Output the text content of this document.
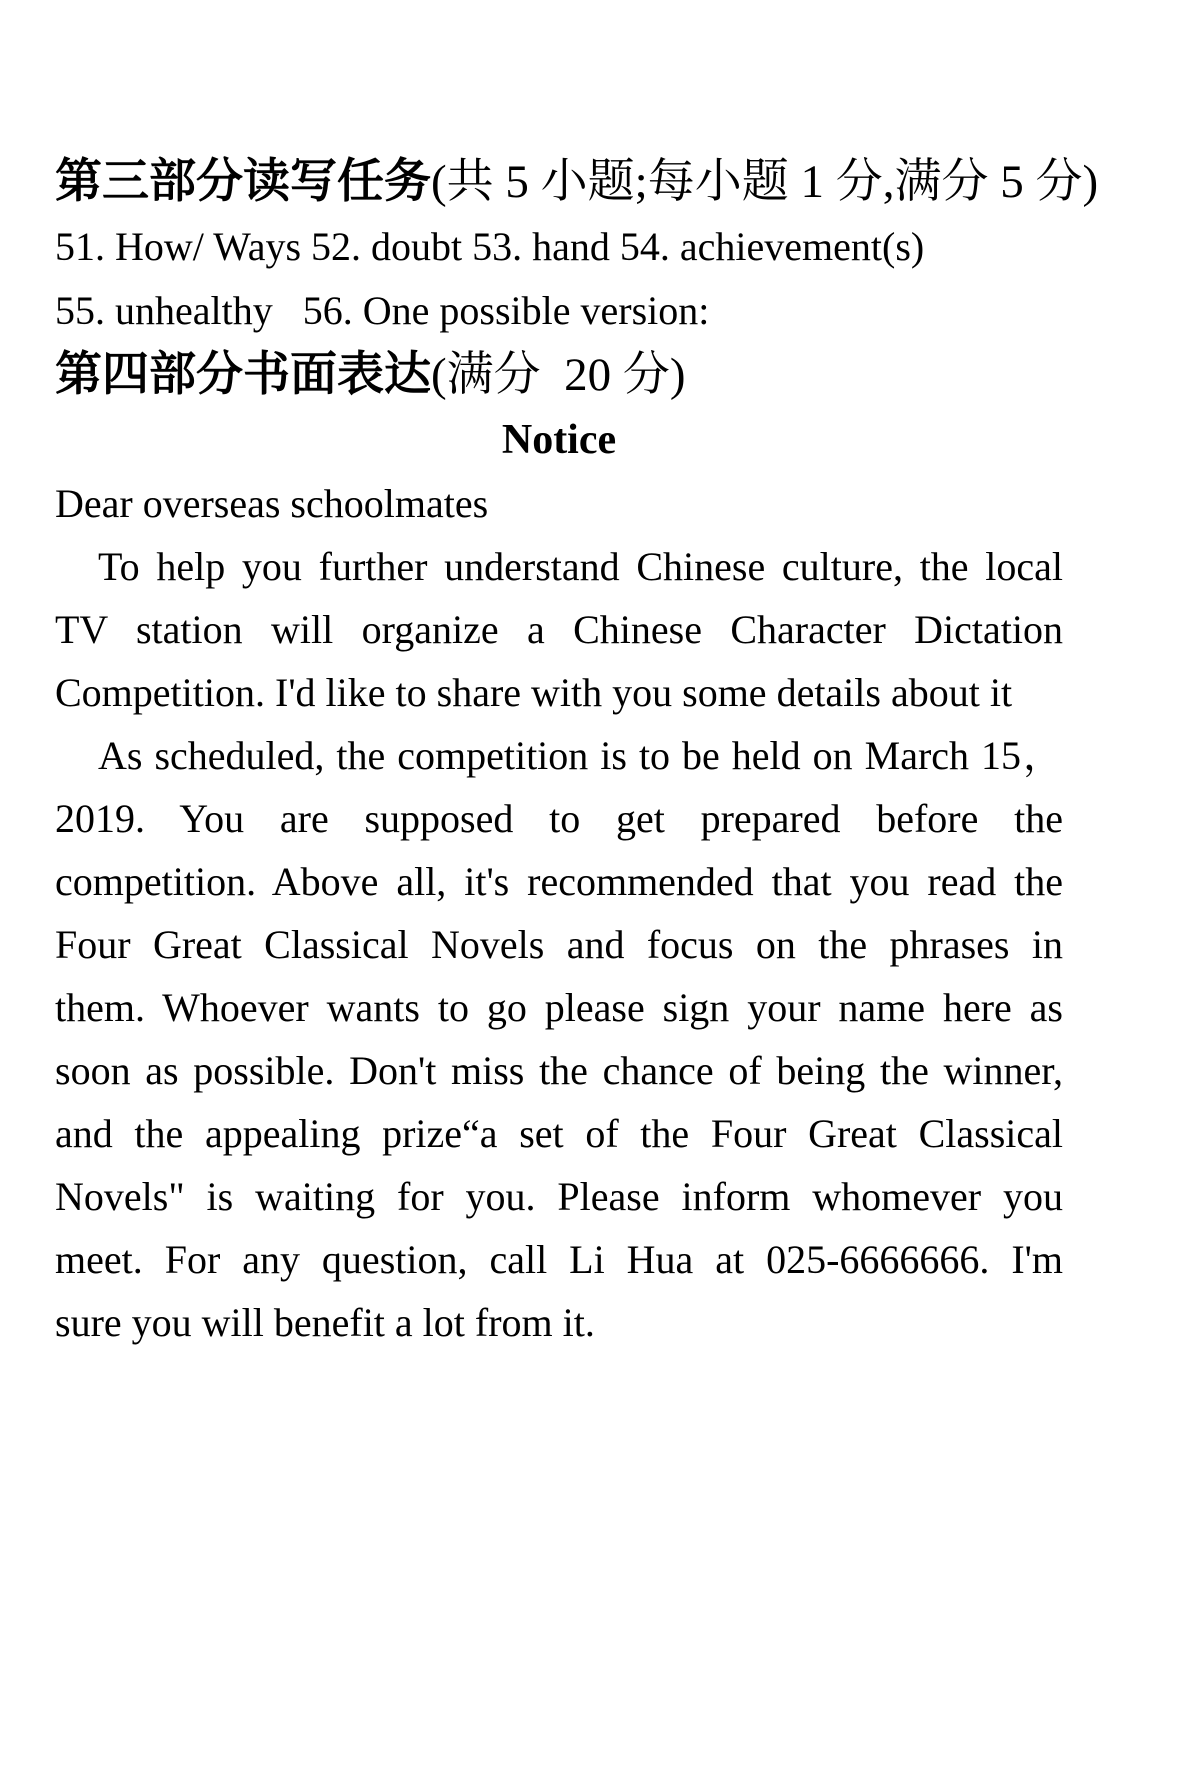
第三部分读写任务(共 5 小题;每小题 1 分,满分 5 分)
51. How/ Ways 52. doubt 53. hand 54. achievement(s)
55. unhealthy   56. One possible version:
第四部分书面表达(满分  20 分)
Notice
Dear overseas schoolmates
To help you further understand Chinese culture, the local
TV station will organize a Chinese Character Dictation
Competition. I'd like to share with you some details about it
As scheduled, the competition is to be held on March 15，
2019. You are supposed to get prepared before the
competition. Above all, it's recommended that you read the
Four Great Classical Novels and focus on the phrases in
them. Whoever wants to go please sign your name here as
soon as possible. Don't miss the chance of being the winner,
and the appealing prize“a set of the Four Great Classical
Novels" is waiting for you. Please inform whomever you
meet. For any question, call Li Hua at 025-6666666. I'm
sure you will benefit a lot from it.
